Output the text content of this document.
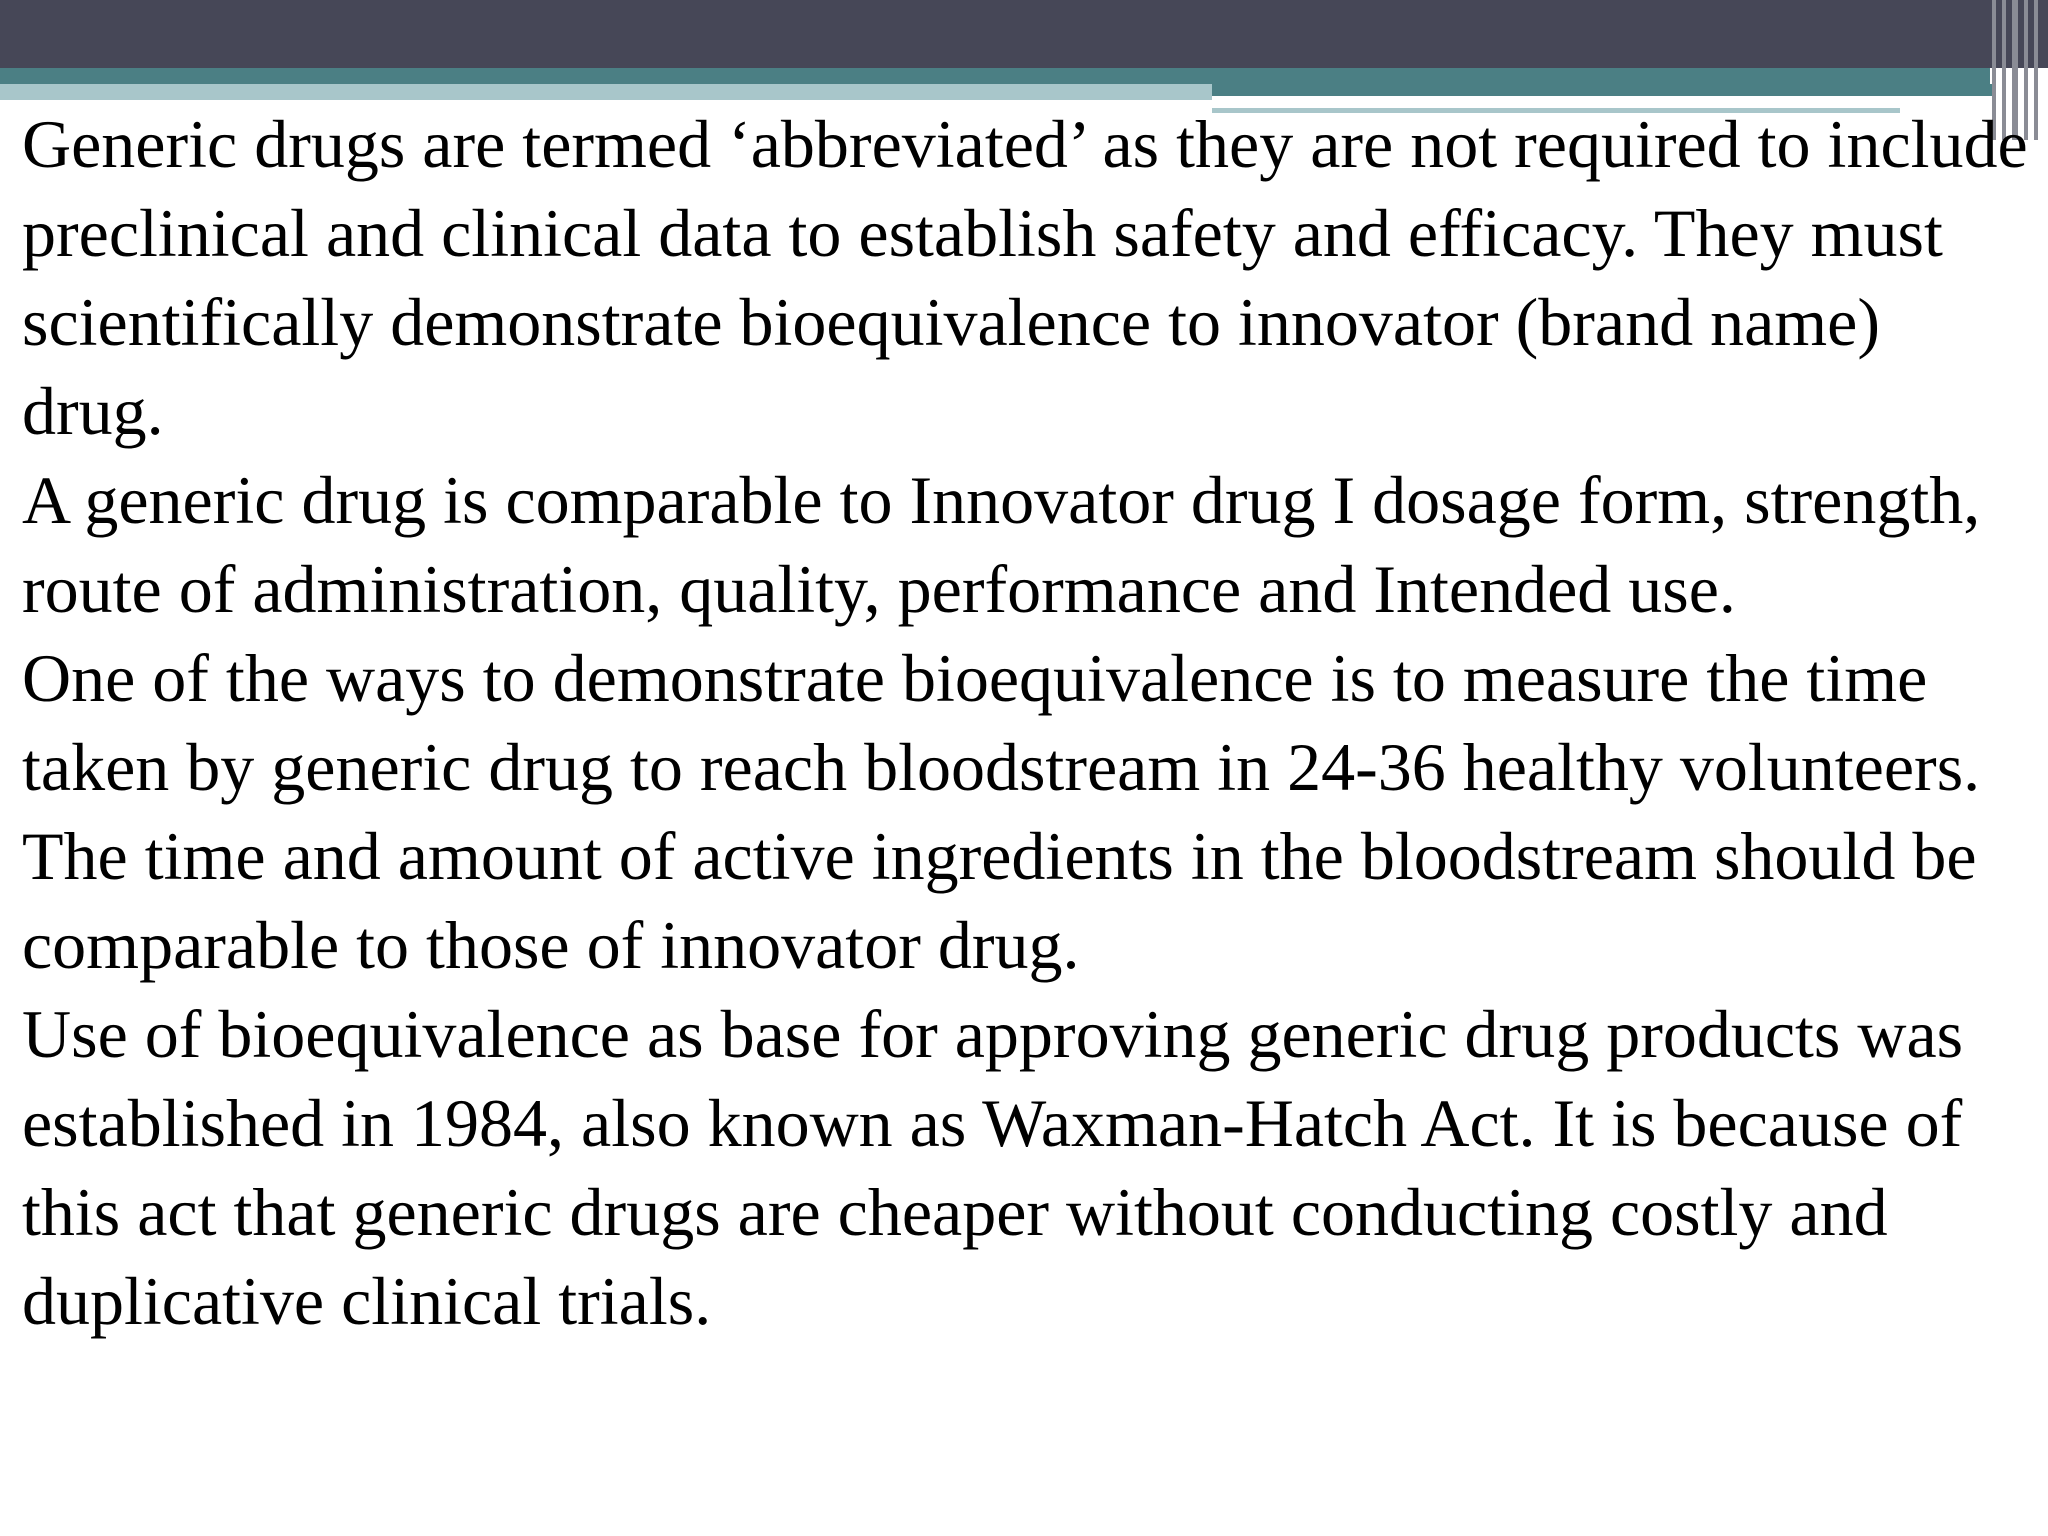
Generic drugs are termed ‘abbreviated’ as they are not required to include preclinical and clinical data to establish safety and efficacy. They must scientifically demonstrate bioequivalence to innovator (brand name) drug.

A generic drug is comparable to Innovator drug I dosage form, strength, route of administration, quality, performance and Intended use.

One of the ways to demonstrate bioequivalence is to measure the time taken by generic drug to reach bloodstream in 24-36 healthy volunteers. The time and amount of active ingredients in the bloodstream should be comparable to those of innovator drug.

Use of bioequivalence as base for approving generic drug products was established in 1984, also known as Waxman-Hatch Act. It is because of this act that generic drugs are cheaper without conducting costly and duplicative clinical trials.
